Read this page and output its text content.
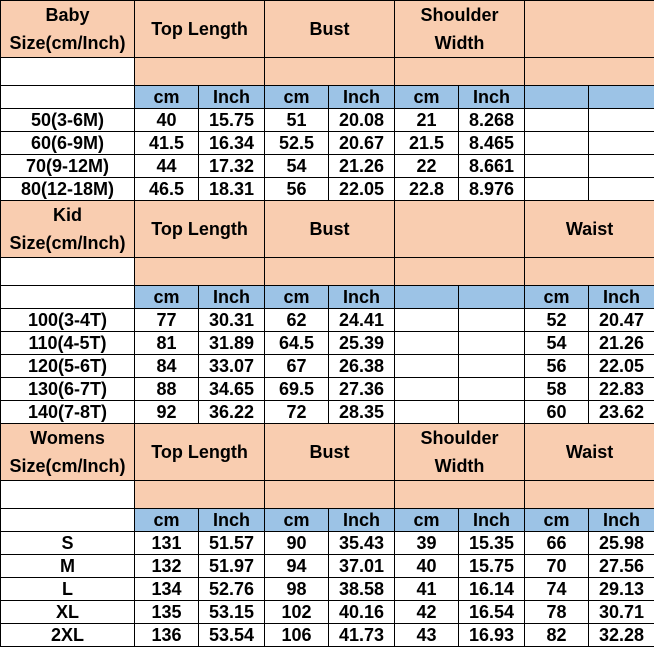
Baby
Size(cm/Inch)	Top Length		Bust		Shoulder
Width			

	cm	Inch	cm	Inch	cm	Inch		
50(3-6M)	40	15.75	51	20.08	21	8.268		
60(6-9M)	41.5	16.34	52.5	20.67	21.5	8.465		
70(9-12M)	44	17.32	54	21.26	22	8.661		
80(12-18M)	46.5	18.31	56	22.05	22.8	8.976		
Kid
Size(cm/Inch)	Top Length		Bust				Waist	

	cm	Inch	cm	Inch			cm	Inch
100(3-4T)	77	30.31	62	24.41			52	20.47
110(4-5T)	81	31.89	64.5	25.39			54	21.26
120(5-6T)	84	33.07	67	26.38			56	22.05
130(6-7T)	88	34.65	69.5	27.36			58	22.83
140(7-8T)	92	36.22	72	28.35			60	23.62
Womens
Size(cm/Inch)	Top Length		Bust		Shoulder
Width		Waist	

	cm	Inch	cm	Inch	cm	Inch	cm	Inch
S	131	51.57	90	35.43	39	15.35	66	25.98
M	132	51.97	94	37.01	40	15.75	70	27.56
L	134	52.76	98	38.58	41	16.14	74	29.13
XL	135	53.15	102	40.16	42	16.54	78	30.71
2XL	136	53.54	106	41.73	43	16.93	82	32.28
